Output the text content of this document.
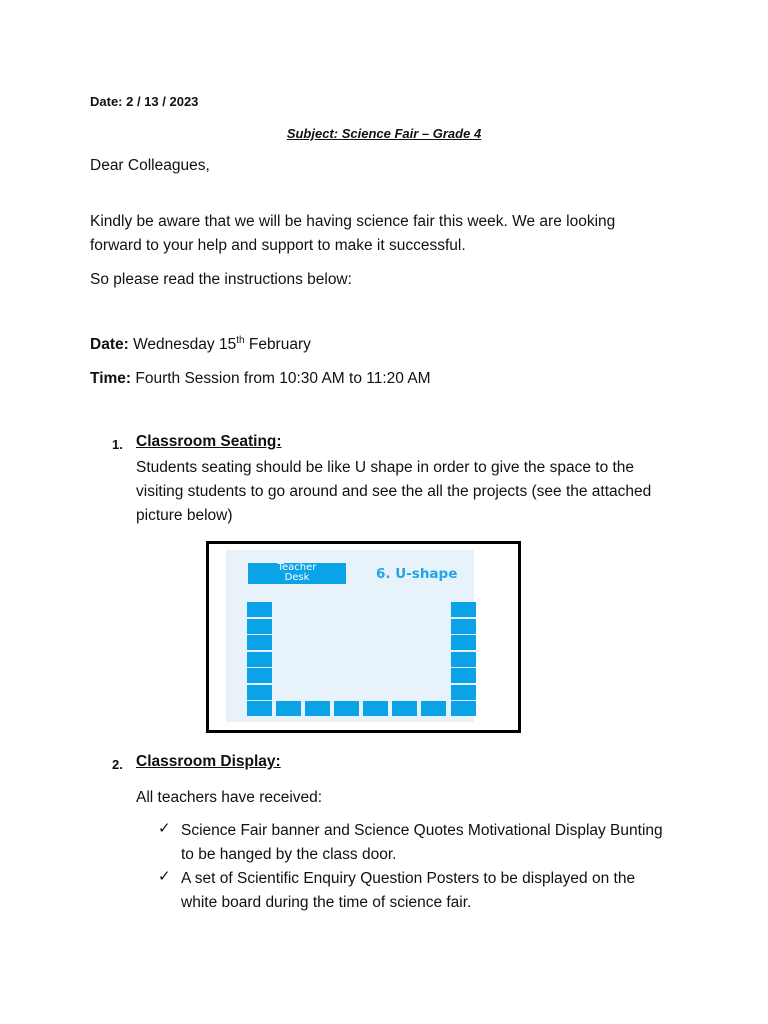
Date: 2 / 13 / 2023
Subject: Science Fair – Grade 4
Dear Colleagues,
Kindly be aware that we will be having science fair this week. We are looking
forward to your help and support to make it successful.
So please read the instructions below:
Date: Wednesday 15th February
Time: Fourth Session from 10:30 AM to 11:20 AM
1. Classroom Seating:
Students seating should be like U shape in order to give the space to the
visiting students to go around and see the all the projects (see the attached
picture below)
Teacher
Desk	6. U-shape
2. Classroom Display:
All teachers have received:
✓ Science Fair banner and Science Quotes Motivational Display Bunting
to be hanged by the class door.
✓ A set of Scientific Enquiry Question Posters to be displayed on the
white board during the time of science fair.
